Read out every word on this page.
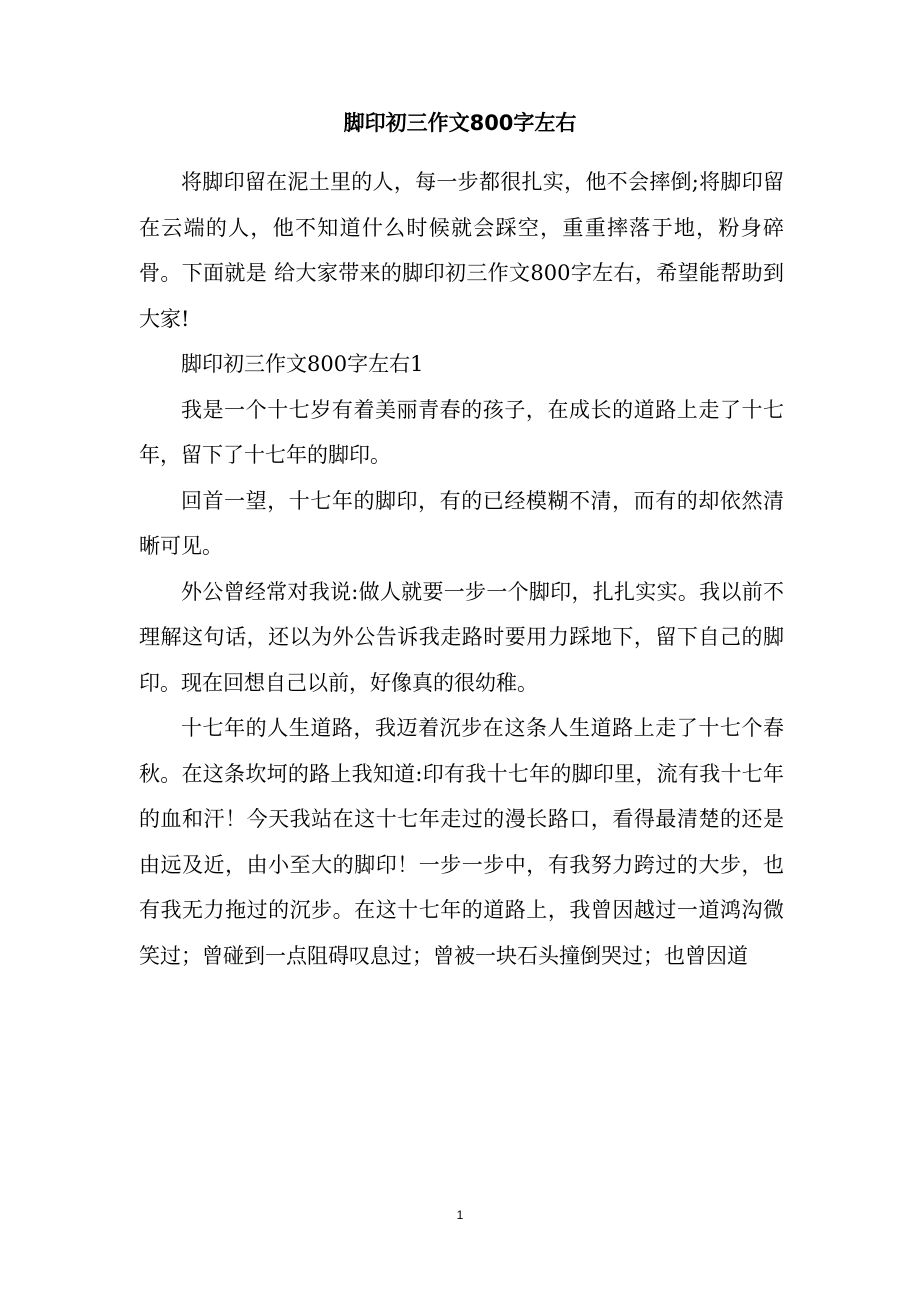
脚印初三作文800字左右

将脚印留在泥土里的人，每一步都很扎实，他不会摔倒;将脚印留在云端的人，他不知道什么时候就会踩空，重重摔落于地，粉身碎骨。下面就是 给大家带来的脚印初三作文800字左右，希望能帮助到大家!

脚印初三作文800字左右1

我是一个十七岁有着美丽青春的孩子，在成长的道路上走了十七年，留下了十七年的脚印。

回首一望，十七年的脚印，有的已经模糊不清，而有的却依然清晰可见。

外公曾经常对我说:做人就要一步一个脚印，扎扎实实。我以前不理解这句话，还以为外公告诉我走路时要用力踩地下，留下自己的脚印。现在回想自己以前，好像真的很幼稚。

十七年的人生道路，我迈着沉步在这条人生道路上走了十七个春秋。在这条坎坷的路上我知道:印有我十七年的脚印里，流有我十七年的血和汗！今天我站在这十七年走过的漫长路口，看得最清楚的还是由远及近，由小至大的脚印！一步一步中，有我努力跨过的大步，也有我无力拖过的沉步。在这十七年的道路上，我曾因越过一道鸿沟微笑过；曾碰到一点阻碍叹息过；曾被一块石头撞倒哭过；也曾因道

1
